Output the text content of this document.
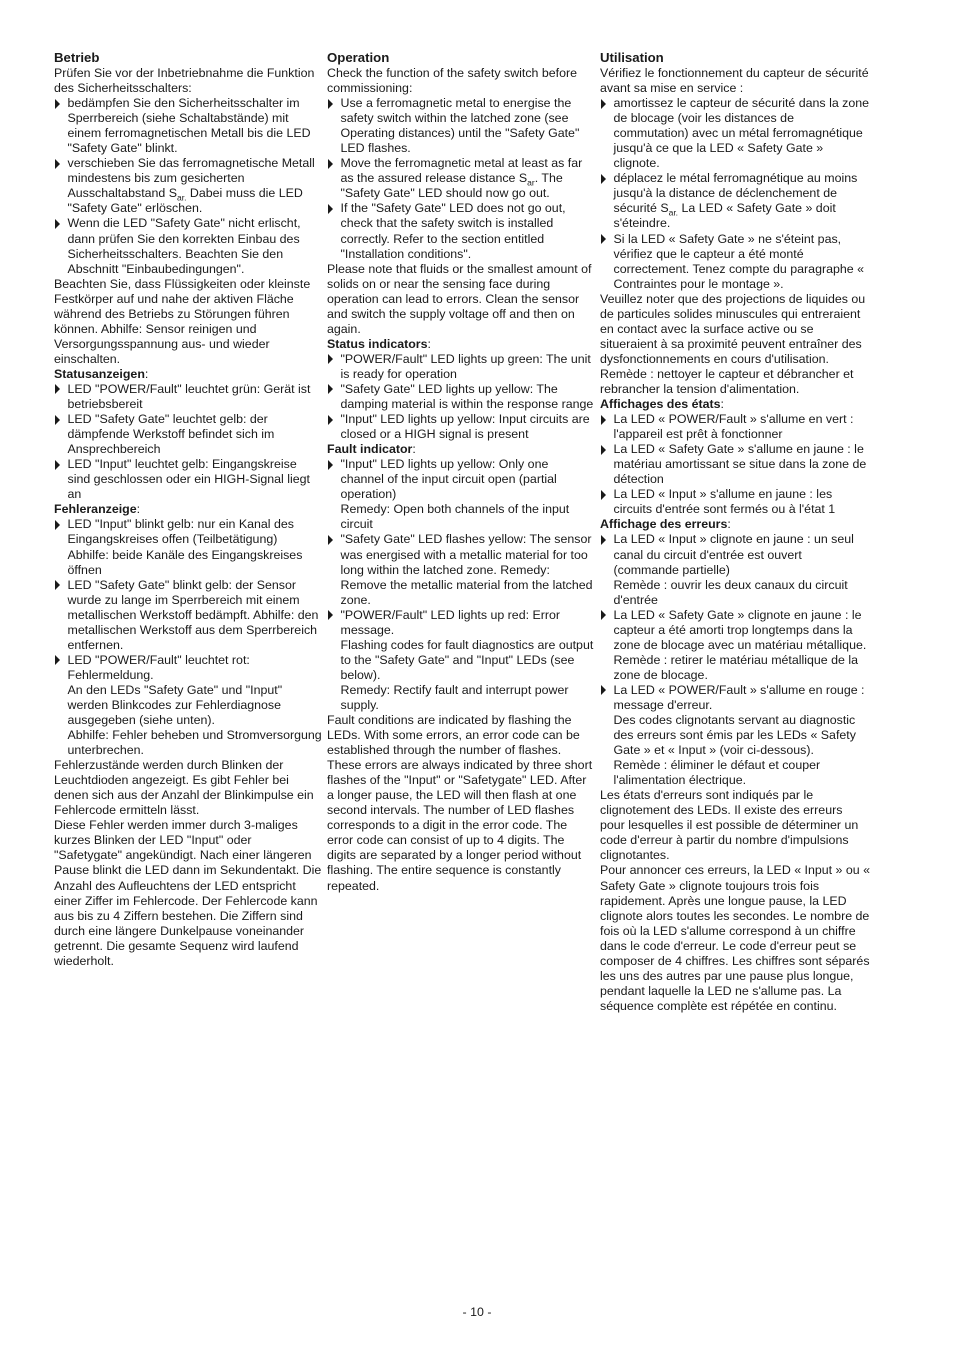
Betrieb

Prüfen Sie vor der Inbetriebnahme die Funktion des Sicherheitsschalters:

bedämpfen Sie den Sicherheitsschalter im Sperrbereich (siehe Schaltabstände) mit einem ferromagnetischen Metall bis die LED "Safety Gate" blinkt.
verschieben Sie das ferromagnetische Metall mindestens bis zum gesicherten Ausschaltabstand $S_{ar.}$ Dabei muss die LED "Safety Gate" erlöschen.
Wenn die LED "Safety Gate" nicht erlischt, dann prüfen Sie den korrekten Einbau des Sicherheitsschalters. Beachten Sie den Abschnitt "Einbaubedingungen".

Beachten Sie, dass Flüssigkeiten oder kleinste Festkörper auf und nahe der aktiven Fläche während des Betriebs zu Störungen führen können. Abhilfe: Sensor reinigen und Versorgungsspannung aus- und wieder einschalten.

Statusanzeigen:

LED "POWER/Fault" leuchtet grün: Gerät ist betriebsbereit
LED "Safety Gate" leuchtet gelb: der dämpfende Werkstoff befindet sich im Ansprechbereich
LED "Input" leuchtet gelb: Eingangskreise sind geschlossen oder ein HIGH-Signal liegt an

Fehleranzeige:

LED "Input" blinkt gelb: nur ein Kanal des Eingangskreises offen (Teilbetätigung)
Abhilfe: beide Kanäle des Eingangskreises öffnen
LED "Safety Gate" blinkt gelb: der Sensor wurde zu lange im Sperrbereich mit einem metallischen Werkstoff bedämpft. Abhilfe: den metallischen Werkstoff aus dem Sperrbereich entfernen.
LED "POWER/Fault" leuchtet rot: Fehlermeldung.
An den LEDs "Safety Gate" und "Input" werden Blinkcodes zur Fehlerdiagnose ausgegeben (siehe unten).
Abhilfe: Fehler beheben und Stromversorgung unterbrechen.

Fehlerzustände werden durch Blinken der Leuchtdioden angezeigt. Es gibt Fehler bei denen sich aus der Anzahl der Blinkimpulse ein Fehlercode ermitteln lässt.

Diese Fehler werden immer durch 3-maliges kurzes Blinken der LED "Input" oder "Safetygate" angekündigt. Nach einer längeren Pause blinkt die LED dann im Sekundentakt. Die Anzahl des Aufleuchtens der LED entspricht einer Ziffer im Fehlercode. Der Fehlercode kann aus bis zu 4 Ziffern bestehen. Die Ziffern sind durch eine längere Dunkelpause voneinander getrennt. Die gesamte Sequenz wird laufend wiederholt.

Operation

Check the function of the safety switch before commissioning:

Use a ferromagnetic metal to energise the safety switch within the latched zone (see Operating distances) until the "Safety Gate" LED flashes.
Move the ferromagnetic metal at least as far as the assured release distance $S_{ar}$. The "Safety Gate" LED should now go out.
If the "Safety Gate" LED does not go out, check that the safety switch is installed correctly. Refer to the section entitled "Installation conditions".

Please note that fluids or the smallest amount of solids on or near the sensing face during operation can lead to errors. Clean the sensor and switch the supply voltage off and then on again.

Status indicators:

"POWER/Fault" LED lights up green: The unit is ready for operation
"Safety Gate" LED lights up yellow: The damping material is within the response range
"Input" LED lights up yellow: Input circuits are closed or a HIGH signal is present

Fault indicator:

"Input" LED lights up yellow: Only one channel of the input circuit open (partial operation)
Remedy: Open both channels of the input circuit
"Safety Gate" LED flashes yellow: The sensor was energised with a metallic material for too long within the latched zone. Remedy: Remove the metallic material from the latched zone.
"POWER/Fault" LED lights up red: Error message.
Flashing codes for fault diagnostics are output to the "Safety Gate" and "Input" LEDs (see below).
Remedy: Rectify fault and interrupt power supply.

Fault conditions are indicated by flashing the LEDs. With some errors, an error code can be established through the number of flashes. These errors are always indicated by three short flashes of the "Input" or "Safetygate" LED. After a longer pause, the LED will then flash at one second intervals. The number of LED flashes corresponds to a digit in the error code. The error code can consist of up to 4 digits. The digits are separated by a longer period without flashing. The entire sequence is constantly repeated.

Utilisation

Vérifiez le fonctionnement du capteur de sécurité avant sa mise en service :

amortissez le capteur de sécurité dans la zone de blocage (voir les distances de commutation) avec un métal ferromagnétique jusqu'à ce que la LED « Safety Gate » clignote.
déplacez le métal ferromagnétique au moins jusqu'à la distance de déclenchement de sécurité $S_{ar.}$ La LED « Safety Gate » doit s'éteindre.
Si la LED « Safety Gate » ne s'éteint pas, vérifiez que le capteur a été monté correctement. Tenez compte du paragraphe « Contraintes pour le montage ».

Veuillez noter que des projections de liquides ou de particules solides minuscules qui entreraient en contact avec la surface active ou se situeraient à sa proximité peuvent entraîner des dysfonctionnements en cours d'utilisation. Remède : nettoyer le capteur et débrancher et rebrancher la tension d'alimentation.

Affichages des états:

La LED « POWER/Fault » s'allume en vert : l'appareil est prêt à fonctionner
La LED « Safety Gate » s'allume en jaune : le matériau amortissant se situe dans la zone de détection
La LED « Input » s'allume en jaune : les circuits d'entrée sont fermés ou à l'état 1

Affichage des erreurs:

La LED « Input » clignote en jaune : un seul canal du circuit d'entrée est ouvert (commande partielle)
Remède : ouvrir les deux canaux du circuit d'entrée
La LED « Safety Gate » clignote en jaune : le capteur a été amorti trop longtemps dans la zone de blocage avec un matériau métallique. Remède : retirer le matériau métallique de la zone de blocage.
La LED « POWER/Fault » s'allume en rouge : message d'erreur.
Des codes clignotants servant au diagnostic des erreurs sont émis par les LEDs « Safety Gate » et « Input » (voir ci-dessous).
Remède : éliminer le défaut et couper l'alimentation électrique.

Les états d'erreurs sont indiqués par le clignotement des LEDs. Il existe des erreurs pour lesquelles il est possible de déterminer un code d'erreur à partir du nombre d'impulsions clignotantes.

Pour annoncer ces erreurs, la LED « Input » ou « Safety Gate » clignote toujours trois fois rapidement. Après une longue pause, la LED clignote alors toutes les secondes. Le nombre de fois où la LED s'allume correspond à un chiffre dans le code d'erreur. Le code d'erreur peut se composer de 4 chiffres. Les chiffres sont séparés les uns des autres par une pause plus longue, pendant laquelle la LED ne s'allume pas. La séquence complète est répétée en continu.

- 10 -
